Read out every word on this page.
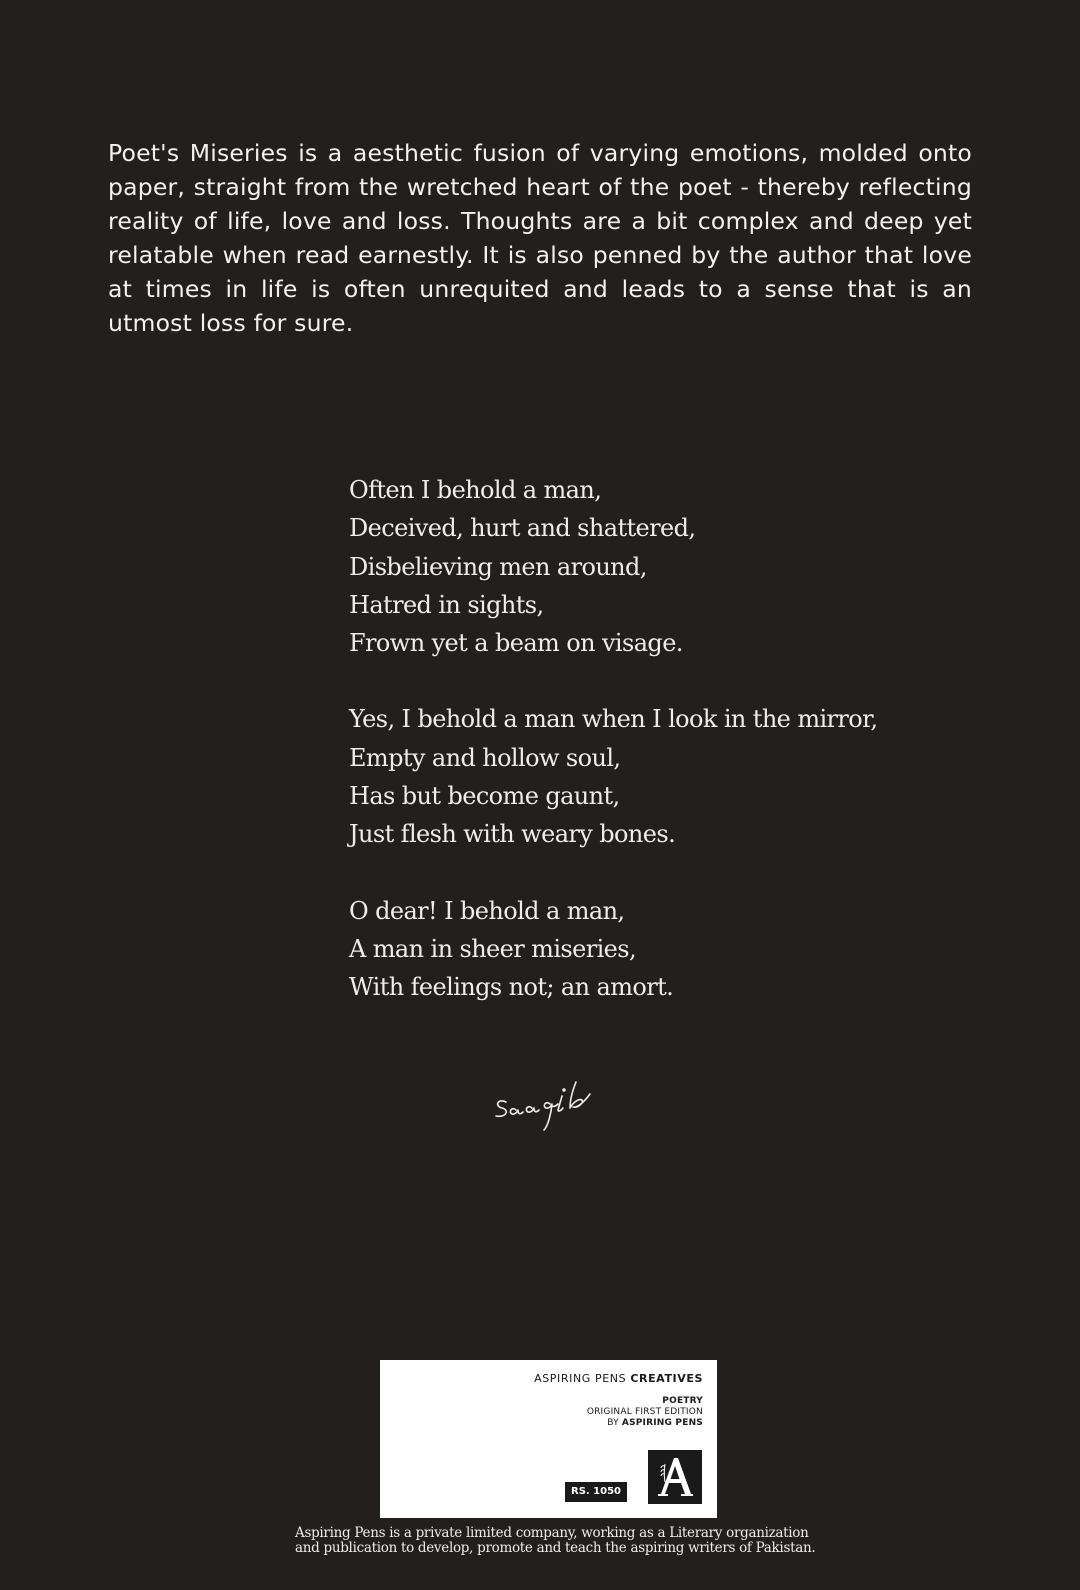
Poet's Miseries is a aesthetic fusion of varying emotions, molded onto paper, straight from the wretched heart of the poet - thereby reflecting reality of life, love and loss. Thoughts are a bit complex and deep yet relatable when read earnestly. It is also penned by the author that love at times in life is often unrequited and leads to a sense that is an utmost loss for sure.

Often I behold a man,
Deceived, hurt and shattered,
Disbelieving men around,
Hatred in sights,
Frown yet a beam on visage.
Yes, I behold a man when I look in the mirror,
Empty and hollow soul,
Has but become gaunt,
Just flesh with weary bones.
O dear! I behold a man,
A man in sheer miseries,
With feelings not; an amort.
ASPIRING PENS CREATIVES
POETRY
ORIGINAL FIRST EDITION
BY ASPIRING PENS
RS. 1050
Aspiring Pens is a private limited company, working as a Literary organization
and publication to develop, promote and teach the aspiring writers of Pakistan.
